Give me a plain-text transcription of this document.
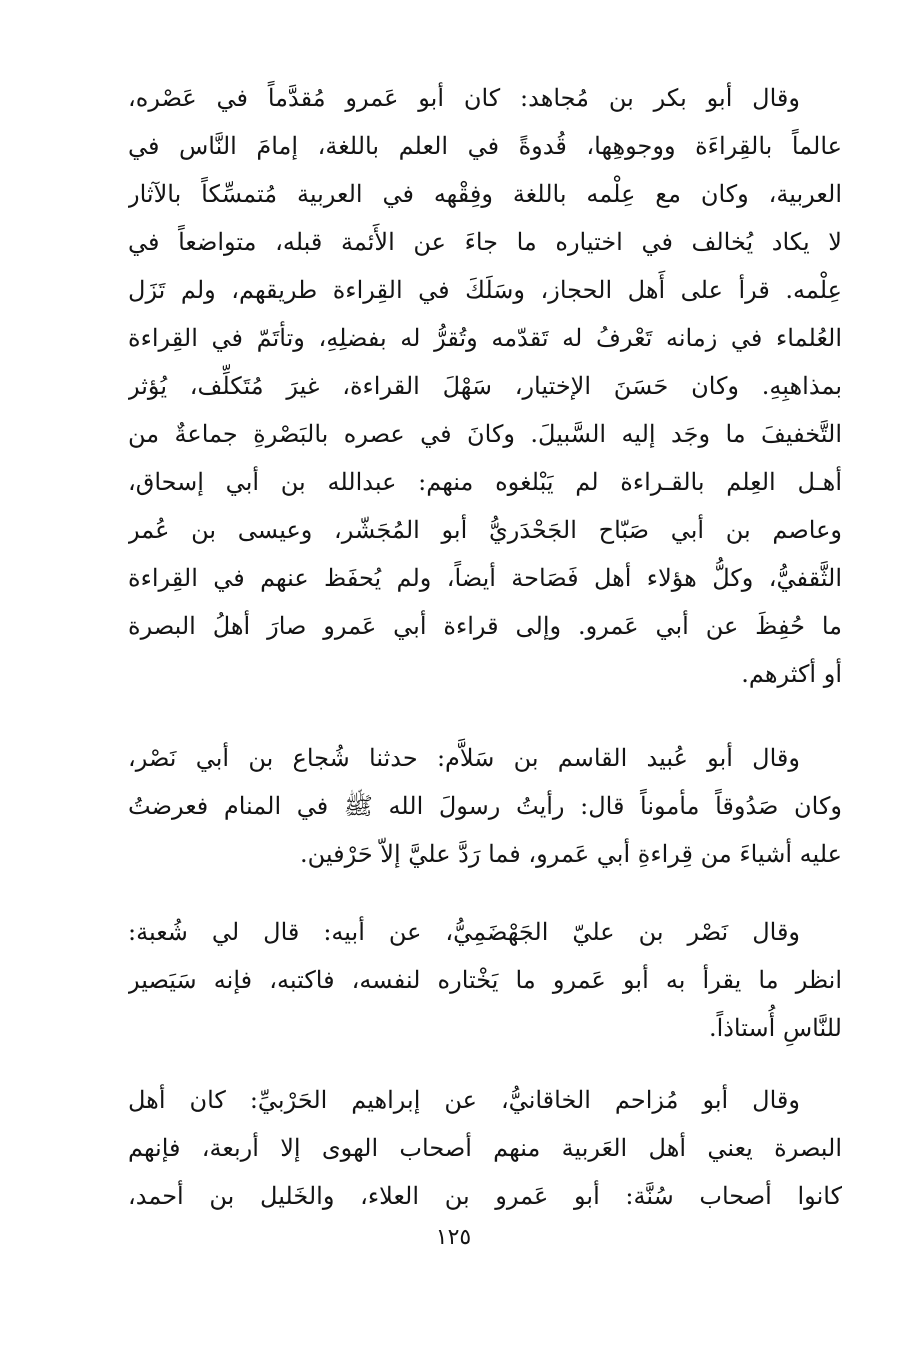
وقال أبو بكر بن مُجاهد: كان أبو عَمرو مُقدَّماً في عَصْره،
عالماً بالقِراءَة ووجوهِها، قُدوةً في العلم باللغة، إمامَ النَّاس في
العربية، وكان مع عِلْمه باللغة وفِقْهه في العربية مُتمسِّكاً بالآثار
لا يكاد يُخالف في اختياره ما جاءَ عن الأَئمة قبله، متواضعاً في
عِلْمه. قرأ على أَهل الحجاز، وسَلَكَ في القِراءة طريقهم، ولم تَزَل
العُلماء في زمانه تَعْرفُ له تَقدّمه وتُقرُّ له بفضلِهِ، وتأتَمّ في القِراءة
بمذاهبِهِ. وكان حَسَنَ الإختيار، سَهْلَ القراءة، غيرَ مُتَكلِّف، يُؤثر
التَّخفيفَ ما وجَد إليه السَّبيلَ. وكانَ في عصره بالبَصْرةِ جماعةٌ من
أهـل العِلم بالقـراءة لم يَبْلغوه منهم: عبدالله بن أبي إسحاق،
وعاصم بن أبي صَبّاح الجَحْدَريُّ أبو المُجَشّر، وعيسى بن عُمر
الثَّقفيُّ، وكلُّ هؤلاء أهل فَصَاحة أيضاً، ولم يُحفَظ عنهم في القِراءة
ما حُفِظَ عن أبي عَمرو. وإلى قراءة أبي عَمرو صارَ أهلُ البصرة
أو أكثرهم.
وقال أبو عُبيد القاسم بن سَلاَّم: حدثنا شُجاع بن أبي نَصْر،
وكان صَدُوقاً مأموناً قال: رأيتُ رسولَ الله ﷺ في المنام فعرضتُ
عليه أشياءَ من قِراءةِ أبي عَمرو، فما رَدَّ عليَّ إلاّ حَرْفين.
وقال نَصْر بن عليّ الجَهْضَمِيُّ، عن أبيه: قال لي شُعبة:
انظر ما يقرأ به أبو عَمرو ما يَخْتاره لنفسه، فاكتبه، فإنه سَيَصير
للنَّاسِ أُستاذاً.
وقال أبو مُزاحم الخاقانيُّ، عن إبراهيم الحَرْبيِّ: كان أهل
البصرة يعني أهل العَربية منهم أصحاب الهوى إلا أربعة، فإنهم
كانوا أصحاب سُنَّة: أبو عَمرو بن العلاء، والخَليل بن أحمد،
١٢٥
